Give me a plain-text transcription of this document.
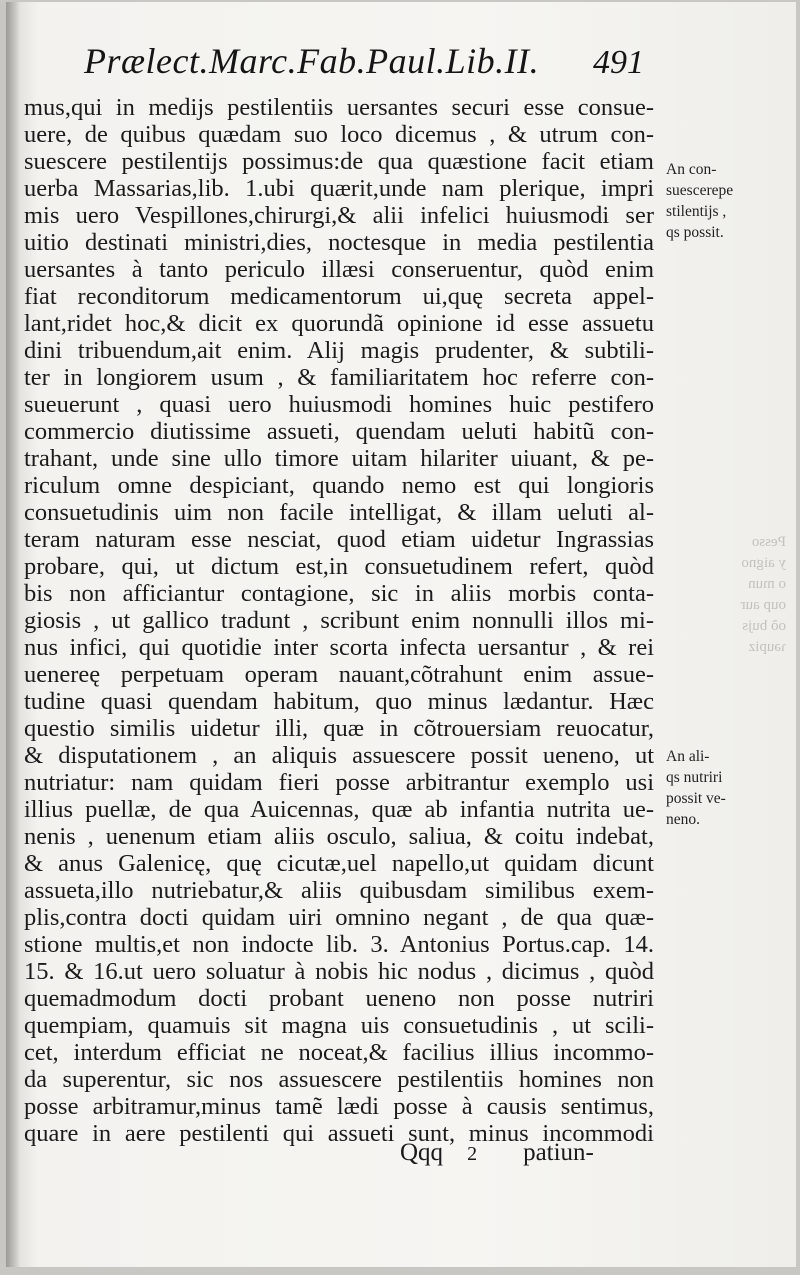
Prælect.Marc.Fab.Paul.Lib.II. 491
mus,qui in medijs pestilentiis uersantes securi esse consue-
uere, de quibus quædam suo loco dicemus , & utrum con-
suescere pestilentijs possimus:de qua quæstione facit etiam
uerba Massarias,lib. 1.ubi quærit,unde nam plerique, impri
mis uero Vespillones,chirurgi,& alii infelici huiusmodi ser
uitio destinati ministri,dies, noctesque in media pestilentia
uersantes à tanto periculo illæsi conseruentur, quòd enim
fiat reconditorum medicamentorum ui,quę secreta appel-
lant,ridet hoc,& dicit ex quorundã opinione id esse assuetu
dini tribuendum,ait enim. Alij magis prudenter, & subtili-
ter in longiorem usum , & familiaritatem hoc referre con-
sueuerunt , quasi uero huiusmodi homines huic pestifero
commercio diutissime assueti, quendam ueluti habitũ con-
trahant, unde sine ullo timore uitam hilariter uiuant, & pe-
riculum omne despiciant, quando nemo est qui longioris
consuetudinis uim non facile intelligat, & illam ueluti al-
teram naturam esse nesciat, quod etiam uidetur Ingrassias
probare, qui, ut dictum est,in consuetudinem refert, quòd
bis non afficiantur contagione, sic in aliis morbis conta-
giosis , ut gallico tradunt , scribunt enim nonnulli illos mi-
nus infici, qui quotidie inter scorta infecta uersantur , & rei
uenereę perpetuam operam nauant,cõtrahunt enim assue-
tudine quasi quendam habitum, quo minus lædantur. Hæc
questio similis uidetur illi, quæ in cõtrouersiam reuocatur,
& disputationem , an aliquis assuescere possit ueneno, ut
nutriatur: nam quidam fieri posse arbitrantur exemplo usi
illius puellæ, de qua Auicennas, quæ ab infantia nutrita ue-
nenis , uenenum etiam aliis osculo, saliua, & coitu indebat,
& anus Galenicę, quę cicutæ,uel napello,ut quidam dicunt
assueta,illo nutriebatur,& aliis quibusdam similibus exem-
plis,contra docti quidam uiri omnino negant , de qua quæ-
stione multis,et non indocte lib. 3. Antonius Portus.cap. 14.
15. & 16.ut uero soluatur à nobis hic nodus , dicimus , quòd
quemadmodum docti probant ueneno non posse nutriri
quempiam, quamuis sit magna uis consuetudinis , ut scili-
cet, interdum efficiat ne noceat,& facilius illius incommo-
da superentur, sic nos assuescere pestilentiis homines non
posse arbitramur,minus tamẽ lædi posse à causis sentimus,
quare in aere pestilenti qui assueti sunt, minus incommodi
Pesso
y aigno
o mun
oup aur
oõ bujs
ɿǝupiz
An con-
suescerepe
stilentijs ,
qs possit.
An ali-
qs nutriri
possit ve-
neno.
Qqq 2 patiun-
